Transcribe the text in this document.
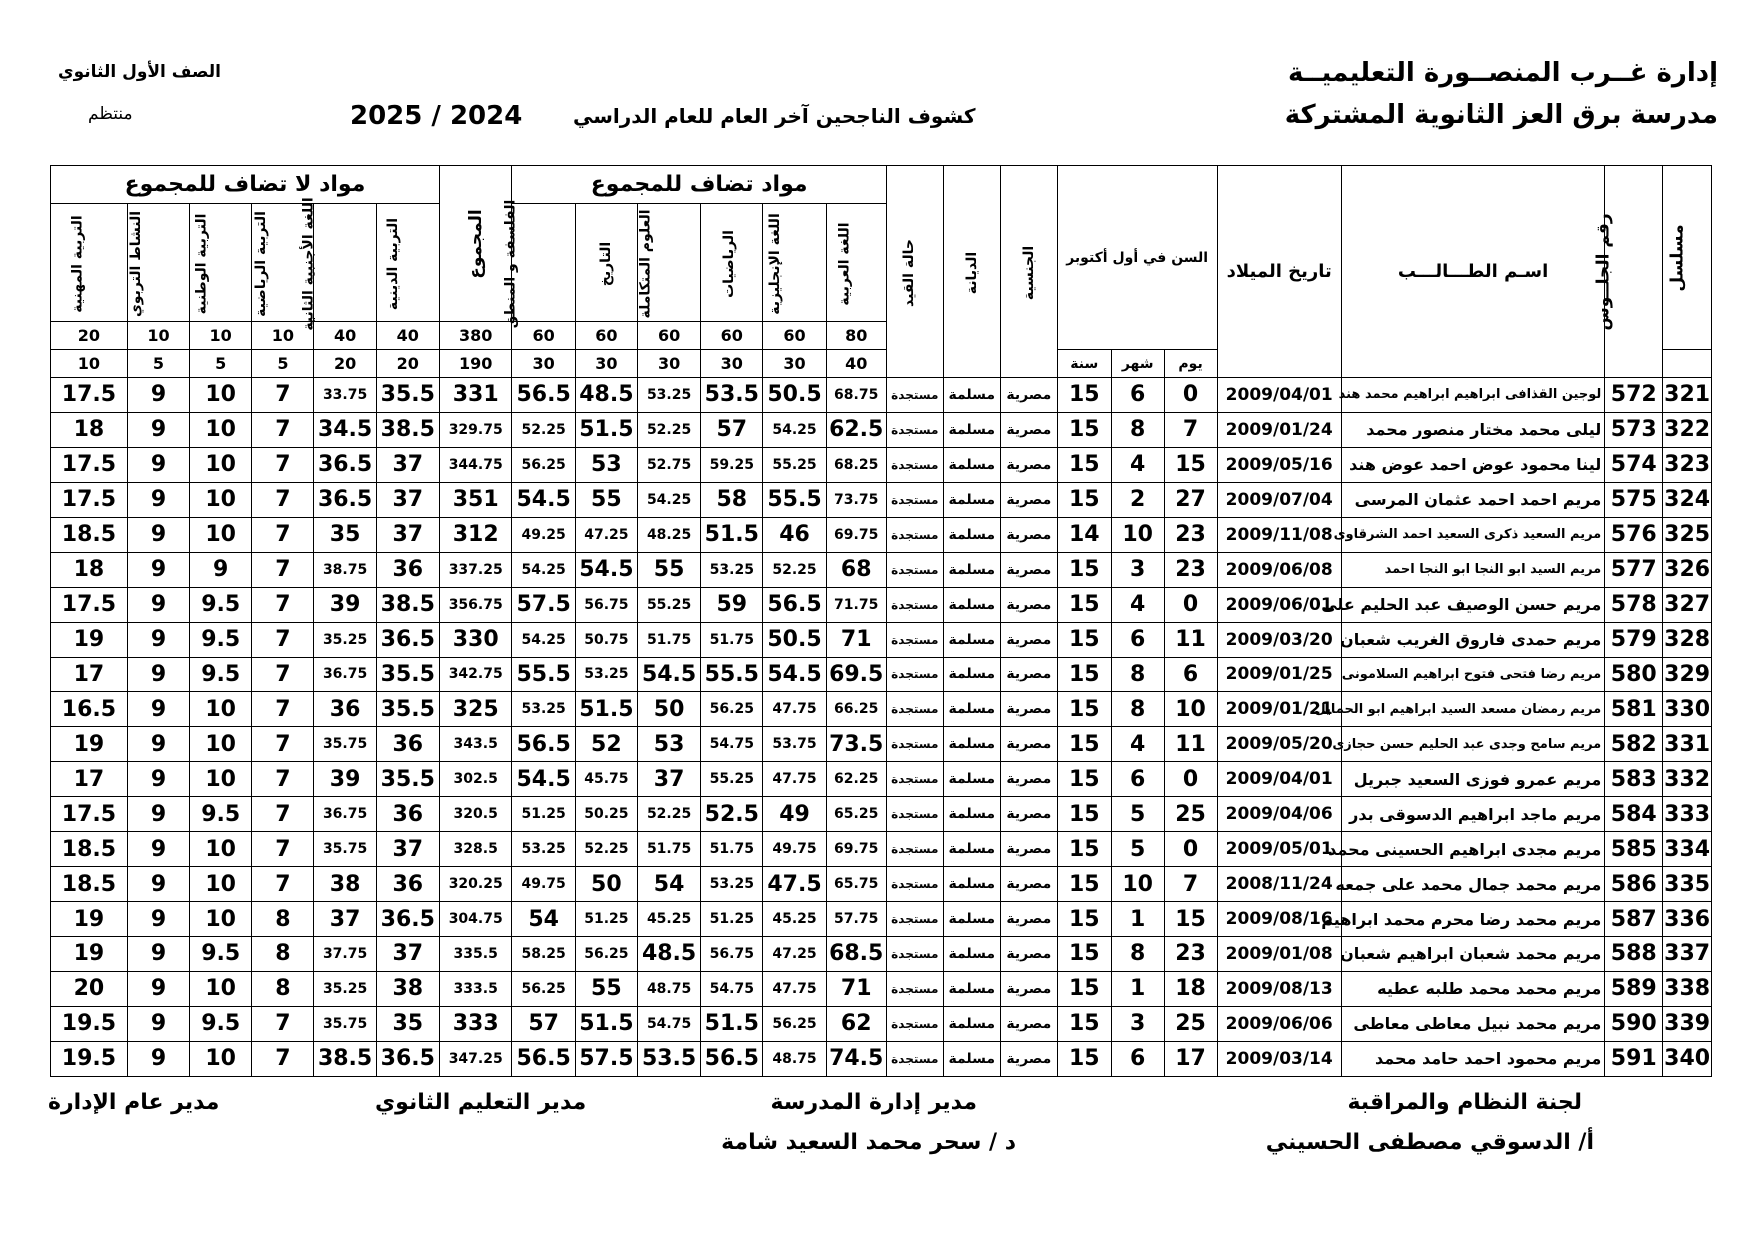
إدارة غــرب المنصــورة التعليميــة
مدرسة برق العز الثانوية المشتركة
الصف الأول الثانوي
منتظم	كشوف الناجحين آخر العام للعام الدراسي
2025 / 2024
مسلسل	رقم الجلــوس	اسـم الطـــالـــب	تاريخ الميلاد	السن في أول أكتوبر			الجنسية	الديانة	حالة القيد	مواد تضاف للمجموع						المجموع	مواد لا تضاف للمجموع					
										اللغة العربية	اللغة الإنجليزية	الرياضيات	العلوم المتكاملة	التاريخ	الفلسفة و المنطق		التربية الدينية	اللغة الأجنبية الثانية	التربية الرياضية	التربية الوطنية	النشاط التربوي	التربية المهنية
										80	60	60	60	60	60	380	40	40	10	10	10	20
				يوم	شهر	سنة				40	30	30	30	30	30	190	20	20	5	5	5	10
321	572	لوجين القذافى ابراهيم ابراهيم محمد هند	2009/04/01	0	6	15	مصرية	مسلمة	مستجدة	68.75	50.5	53.5	53.25	48.5	56.5	331	35.5	33.75	7	10	9	17.5
322	573	ليلى محمد مختار منصور محمد	2009/01/24	7	8	15	مصرية	مسلمة	مستجدة	62.5	54.25	57	52.25	51.5	52.25	329.75	38.5	34.5	7	10	9	18
323	574	لينا محمود عوض احمد عوض هند	2009/05/16	15	4	15	مصرية	مسلمة	مستجدة	68.25	55.25	59.25	52.75	53	56.25	344.75	37	36.5	7	10	9	17.5
324	575	مريم احمد احمد عثمان المرسى	2009/07/04	27	2	15	مصرية	مسلمة	مستجدة	73.75	55.5	58	54.25	55	54.5	351	37	36.5	7	10	9	17.5
325	576	مريم السعيد ذكرى السعيد احمد الشرقاوى	2009/11/08	23	10	14	مصرية	مسلمة	مستجدة	69.75	46	51.5	48.25	47.25	49.25	312	37	35	7	10	9	18.5
326	577	مريم السيد ابو النجا ابو النجا احمد	2009/06/08	23	3	15	مصرية	مسلمة	مستجدة	68	52.25	53.25	55	54.5	54.25	337.25	36	38.75	7	9	9	18
327	578	مريم حسن الوصيف عبد الحليم على	2009/06/01	0	4	15	مصرية	مسلمة	مستجدة	71.75	56.5	59	55.25	56.75	57.5	356.75	38.5	39	7	9.5	9	17.5
328	579	مريم حمدى فاروق الغريب شعبان	2009/03/20	11	6	15	مصرية	مسلمة	مستجدة	71	50.5	51.75	51.75	50.75	54.25	330	36.5	35.25	7	9.5	9	19
329	580	مريم رضا فتحى فتوح ابراهيم السلامونى	2009/01/25	6	8	15	مصرية	مسلمة	مستجدة	69.5	54.5	55.5	54.5	53.25	55.5	342.75	35.5	36.75	7	9.5	9	17
330	581	مريم رمضان مسعد السيد ابراهيم ابو الحمايل	2009/01/21	10	8	15	مصرية	مسلمة	مستجدة	66.25	47.75	56.25	50	51.5	53.25	325	35.5	36	7	10	9	16.5
331	582	مريم سامح وجدى عبد الحليم حسن حجازى	2009/05/20	11	4	15	مصرية	مسلمة	مستجدة	73.5	53.75	54.75	53	52	56.5	343.5	36	35.75	7	10	9	19
332	583	مريم عمرو فوزى السعيد جبريل	2009/04/01	0	6	15	مصرية	مسلمة	مستجدة	62.25	47.75	55.25	37	45.75	54.5	302.5	35.5	39	7	10	9	17
333	584	مريم ماجد ابراهيم الدسوقى بدر	2009/04/06	25	5	15	مصرية	مسلمة	مستجدة	65.25	49	52.5	52.25	50.25	51.25	320.5	36	36.75	7	9.5	9	17.5
334	585	مريم مجدى ابراهيم الحسينى محمد	2009/05/01	0	5	15	مصرية	مسلمة	مستجدة	69.75	49.75	51.75	51.75	52.25	53.25	328.5	37	35.75	7	10	9	18.5
335	586	مريم محمد جمال محمد على جمعه	2008/11/24	7	10	15	مصرية	مسلمة	مستجدة	65.75	47.5	53.25	54	50	49.75	320.25	36	38	7	10	9	18.5
336	587	مريم محمد رضا محرم محمد ابراهيم	2009/08/16	15	1	15	مصرية	مسلمة	مستجدة	57.75	45.25	51.25	45.25	51.25	54	304.75	36.5	37	8	10	9	19
337	588	مريم محمد شعبان ابراهيم شعبان	2009/01/08	23	8	15	مصرية	مسلمة	مستجدة	68.5	47.25	56.75	48.5	56.25	58.25	335.5	37	37.75	8	9.5	9	19
338	589	مريم محمد محمد طلبه عطيه	2009/08/13	18	1	15	مصرية	مسلمة	مستجدة	71	47.75	54.75	48.75	55	56.25	333.5	38	35.25	8	10	9	20
339	590	مريم محمد نبيل معاطى معاطى	2009/06/06	25	3	15	مصرية	مسلمة	مستجدة	62	56.25	51.5	54.75	51.5	57	333	35	35.75	7	9.5	9	19.5
340	591	مريم محمود احمد حامد محمد	2009/03/14	17	6	15	مصرية	مسلمة	مستجدة	74.5	48.75	56.5	53.5	57.5	56.5	347.25	36.5	38.5	7	10	9	19.5
لجنة النظام والمراقبة
أ/ الدسوقي مصطفى الحسيني
مدير إدارة المدرسة
د / سحر محمد السعيد شامة
مدير التعليم الثانوي
مدير عام الإدارة
